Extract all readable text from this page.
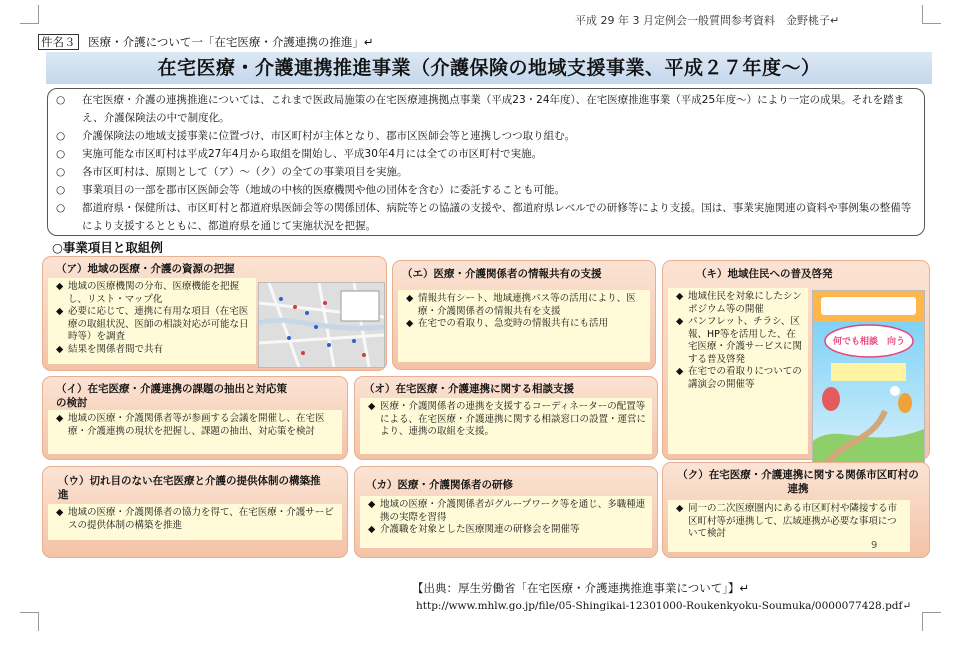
平成 29 年 3 月定例会一般質問参考資料　金野桃子↵
件名３ 医療・介護について一「在宅医療・介護連携の推進」↵
在宅医療・介護連携推進事業（介護保険の地域支援事業、平成２７年度～）
○	在宅医療・介護の連携推進については、これまで医政局施策の在宅医療連携拠点事業（平成23・24年度）、在宅医療推進事業（平成25年度～）により一定の成果。それを踏まえ、介護保険法の中で制度化。
○	介護保険法の地域支援事業に位置づけ、市区町村が主体となり、郡市区医師会等と連携しつつ取り組む。
○	実施可能な市区町村は平成27年4月から取組を開始し、平成30年4月には全ての市区町村で実施。
○	各市区町村は、原則として（ア）～（ク）の全ての事業項目を実施。
○	事業項目の一部を郡市区医師会等（地域の中核的医療機関や他の団体を含む）に委託することも可能。
○	都道府県・保健所は、市区町村と都道府県医師会等の関係団体、病院等との協議の支援や、都道府県レベルでの研修等により支援。国は、事業実施関連の資料や事例集の整備等により支援するとともに、都道府県を通じて実施状況を把握。
○事業項目と取組例
（ア）地域の医療・介護の資源の把握
◆ 地域の医療機関の分布、医療機能を把握し、リスト・マップ化
◆ 必要に応じて、連携に有用な項目（在宅医療の取組状況、医師の相談対応が可能な日時等）を調査
◆ 結果を関係者間で共有
（イ）在宅医療・介護連携の課題の抽出と対応策の検討
◆ 地域の医療・介護関係者等が参画する会議を開催し、在宅医療・介護連携の現状を把握し、課題の抽出、対応策を検討
（ウ）切れ目のない在宅医療と介護の提供体制の構築推進
◆ 地域の医療・介護関係者の協力を得て、在宅医療・介護サービスの提供体制の構築を推進
（エ）医療・介護関係者の情報共有の支援
◆ 情報共有シート、地域連携パス等の活用により、医療・介護関係者の情報共有を支援
◆ 在宅での看取り、急変時の情報共有にも活用
（オ）在宅医療・介護連携に関する相談支援
◆ 医療・介護関係者の連携を支援するコーディネーターの配置等による、在宅医療・介護連携に関する相談窓口の設置・運営により、連携の取組を支援。
（カ）医療・介護関係者の研修
◆ 地域の医療・介護関係者がグループワーク等を通じ、多職種連携の実際を習得
◆ 介護職を対象とした医療関連の研修会を開催等
（キ）地域住民への普及啓発
◆ 地域住民を対象にしたシンポジウム等の開催
◆ パンフレット、チラシ、区報、HP等を活用した、在宅医療・介護サービスに関する普及啓発
◆ 在宅での看取りについての講演会の開催等
何でも相談　向う
（ク）在宅医療・介護連携に関する関係市区町村の連携
◆ 同一の二次医療圏内にある市区町村や隣接する市区町村等が連携して、広域連携が必要な事項について検討
9
【出典：厚生労働省「在宅医療・介護連携推進事業について」】↵
http://www.mhlw.go.jp/file/05-Shingikai-12301000-Roukenkyoku-Soumuka/0000077428.pdf↵
